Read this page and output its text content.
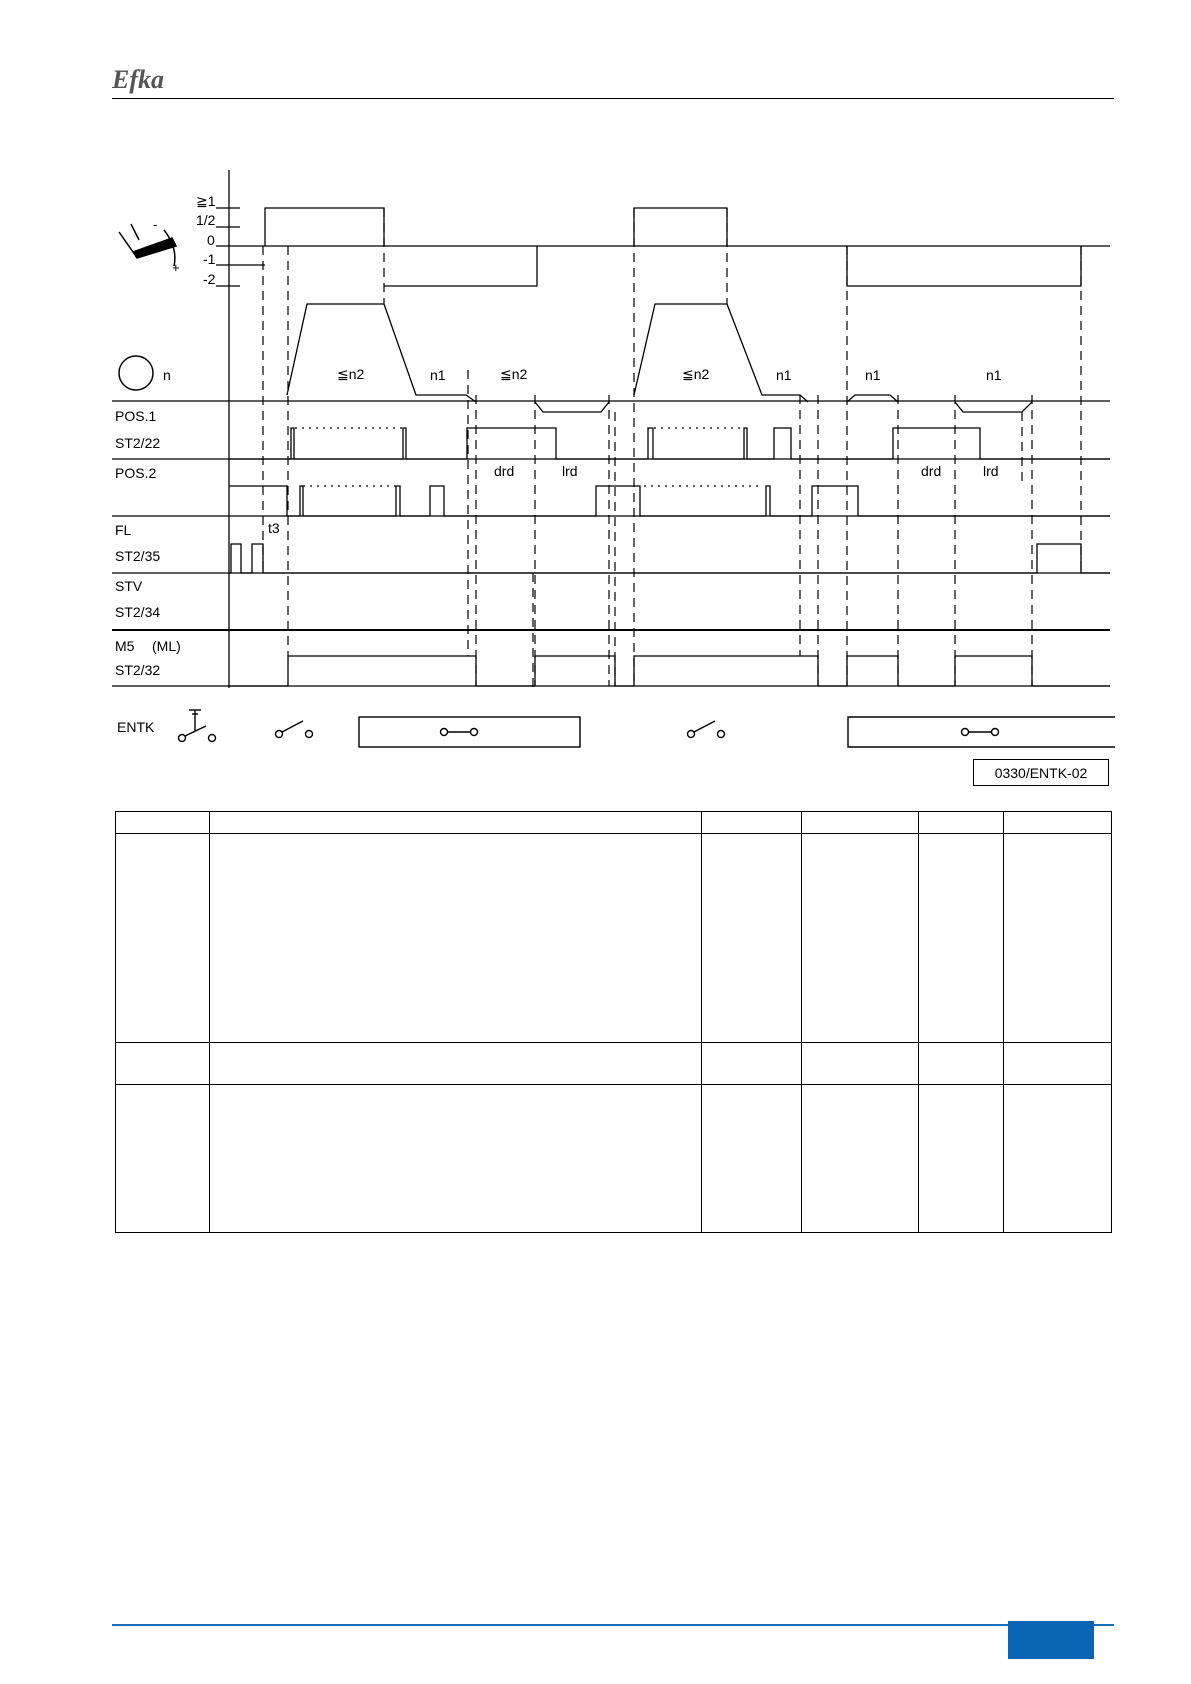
Efka
-
+
≧1
1/2
0
-1
-2
n	≦n2	n1	≦n2	≦n2	n1	n1	n1
POS.1
ST2/22
POS.2
FL
ST2/35
STV
ST2/34
M5 (ML)
ST2/32
ENTK
t3
drd	lrd	drd	lrd
0330/ENTK-02
